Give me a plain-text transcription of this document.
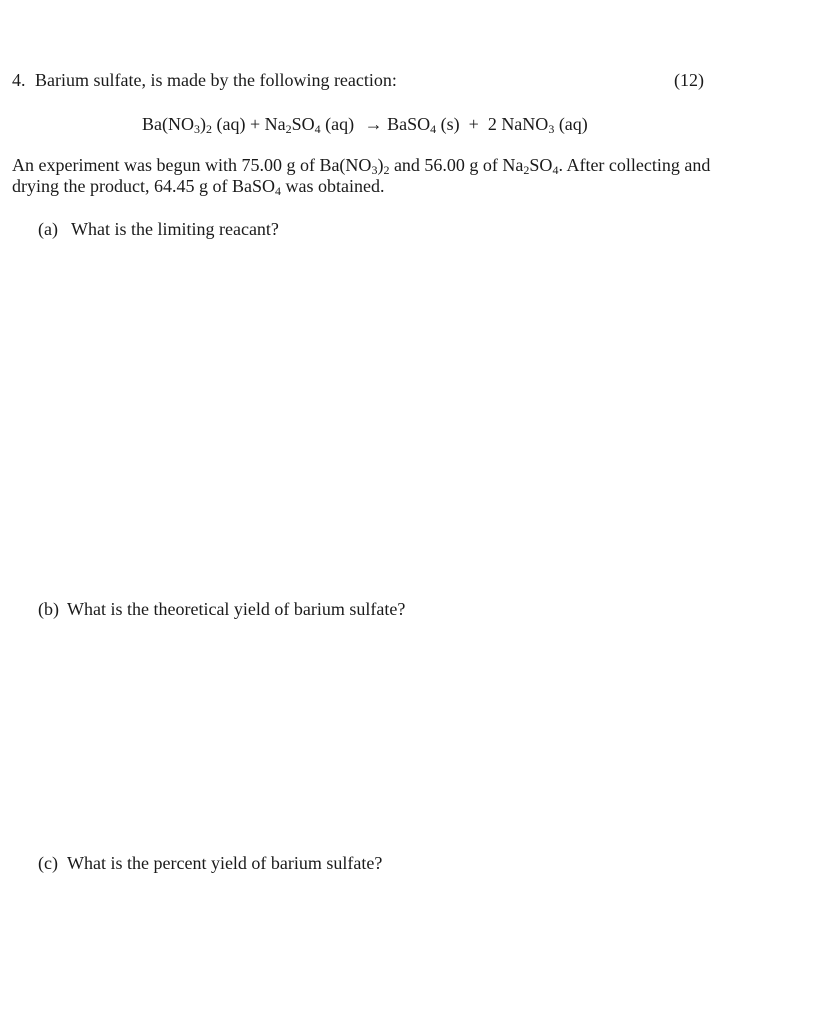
4. Barium sulfate, is made by the following reaction:	(12)
$Ba(NO_3)_2$ $(aq) + Na_2SO_4$ (aq) → BaSO$_4$ (s) + 2 NaNO$_3$ (aq)
An experiment was begun with 75.00 g of $Ba(NO_3)_2$ and 56.00 g of $Na_2SO_4$. After collecting and drying the product, 64.45 g of BaSO$_4$ was obtained.
(a) What is the limiting reacant?
(b) What is the theoretical yield of barium sulfate?
(c) What is the percent yield of barium sulfate?
